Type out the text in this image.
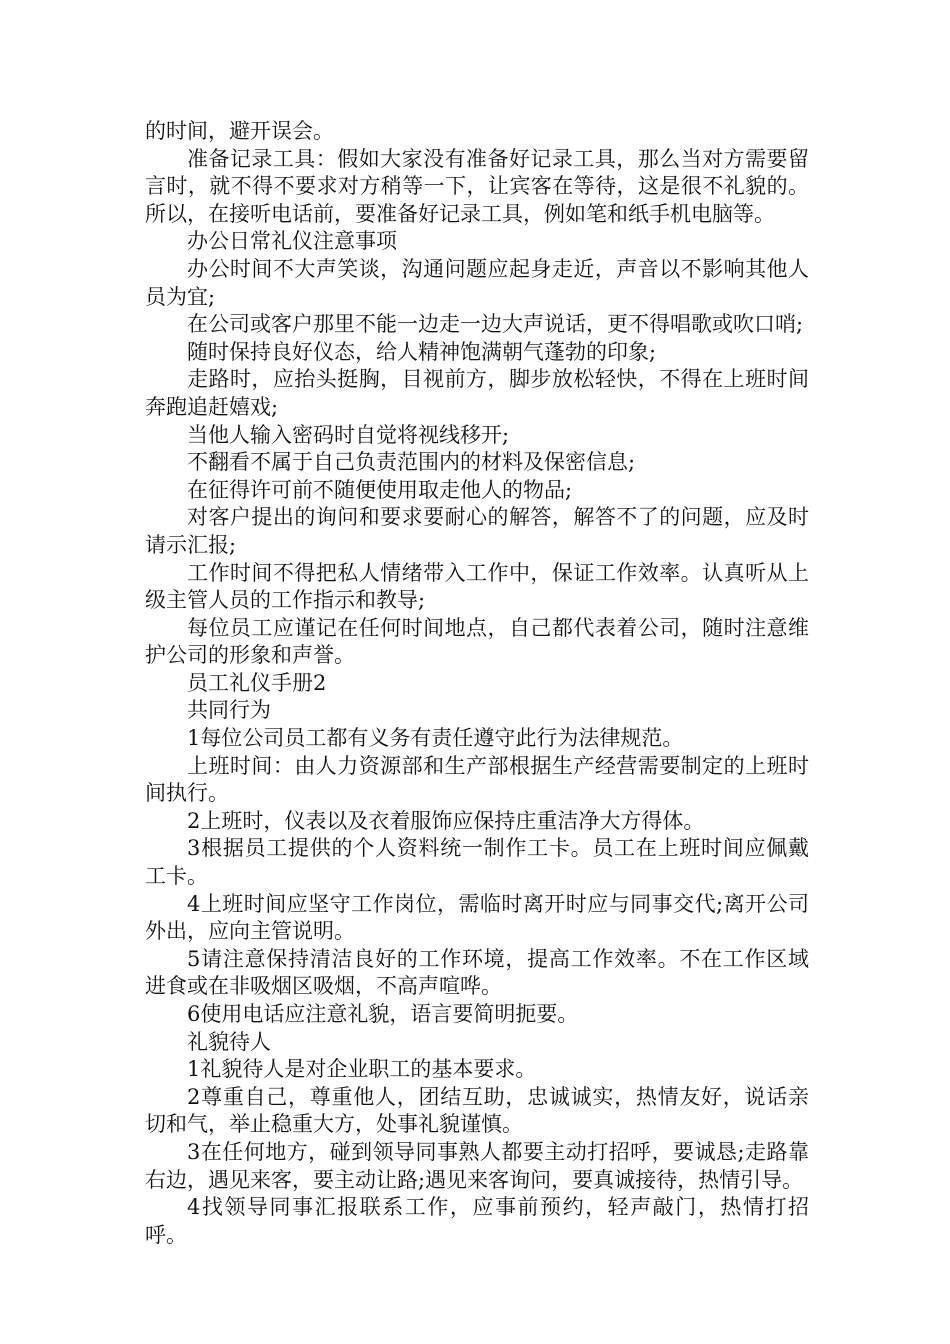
的时间，避开误会。

准备记录工具：假如大家没有准备好记录工具，那么当对方需要留言时，就不得不要求对方稍等一下，让宾客在等待，这是很不礼貌的。所以，在接听电话前，要准备好记录工具，例如笔和纸手机电脑等。

办公日常礼仪注意事项

办公时间不大声笑谈，沟通问题应起身走近，声音以不影响其他人员为宜;

在公司或客户那里不能一边走一边大声说话，更不得唱歌或吹口哨;

随时保持良好仪态，给人精神饱满朝气蓬勃的印象;

走路时，应抬头挺胸，目视前方，脚步放松轻快，不得在上班时间奔跑追赶嬉戏;

当他人输入密码时自觉将视线移开;

不翻看不属于自己负责范围内的材料及保密信息;

在征得许可前不随便使用取走他人的物品;

对客户提出的询问和要求要耐心的解答，解答不了的问题，应及时请示汇报;

工作时间不得把私人情绪带入工作中，保证工作效率。认真听从上级主管人员的工作指示和教导;

每位员工应谨记在任何时间地点，自己都代表着公司，随时注意维护公司的形象和声誉。

员工礼仪手册2

共同行为

1每位公司员工都有义务有责任遵守此行为法律规范。

上班时间：由人力资源部和生产部根据生产经营需要制定的上班时间执行。

2上班时，仪表以及衣着服饰应保持庄重洁净大方得体。

3根据员工提供的个人资料统一制作工卡。员工在上班时间应佩戴工卡。

4上班时间应坚守工作岗位，需临时离开时应与同事交代;离开公司外出，应向主管说明。

5请注意保持清洁良好的工作环境，提高工作效率。不在工作区域进食或在非吸烟区吸烟，不高声喧哗。

6使用电话应注意礼貌，语言要简明扼要。

礼貌待人

1礼貌待人是对企业职工的基本要求。

2尊重自己，尊重他人，团结互助，忠诚诚实，热情友好，说话亲切和气，举止稳重大方，处事礼貌谨慎。

3在任何地方，碰到领导同事熟人都要主动打招呼，要诚恳;走路靠右边，遇见来客，要主动让路;遇见来客询问，要真诚接待，热情引导。

4找领导同事汇报联系工作，应事前预约，轻声敲门，热情打招呼。
